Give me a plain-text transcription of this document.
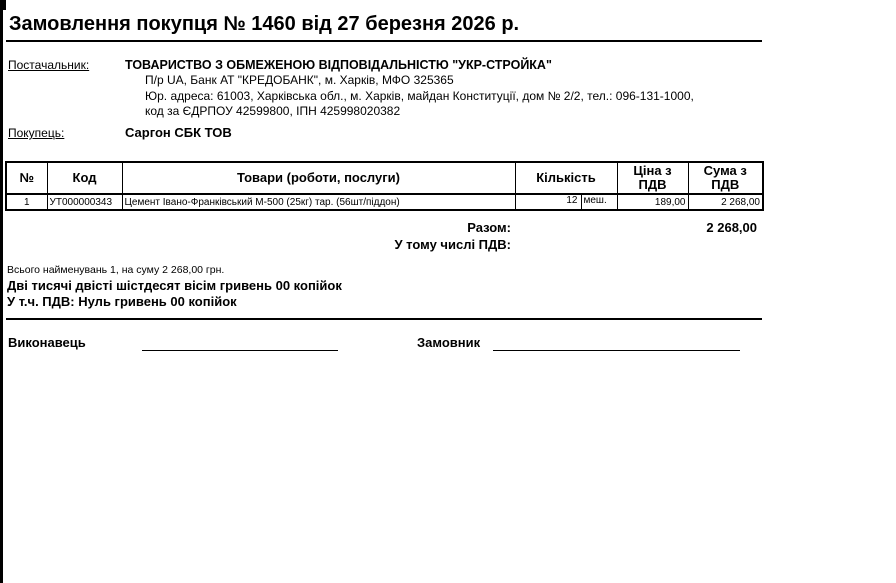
Замовлення покупця № 1460 від 27 березня 2026 р.
Постачальник:	ТОВАРИСТВО З ОБМЕЖЕНОЮ ВІДПОВІДАЛЬНІСТЮ "УКР-СТРОЙКА"
П/р UA, Банк АТ "КРЕДОБАНК", м. Харків, МФО 325365
Юр. адреса: 61003, Харківська обл., м. Харків, майдан Конституції, дом № 2/2, тел.: 096-131-1000,
код за ЄДРПОУ 42599800, ІПН 425998020382
Покупець:	Саргон СБК ТОВ
№	Код	Товари (роботи, послуги)	Кількість	Ціна з ПДВ	Сума з ПДВ
1	УТ000000343	Цемент Івано-Франківський М-500 (25кг) тар. (56шт/піддон)	12 меш.	189,00	2 268,00
Разом:	2 268,00
У тому числі ПДВ:
Всього найменувань 1, на суму 2 268,00 грн.
Дві тисячі двісті шістдесят вісім гривень 00 копійок
У т.ч. ПДВ: Нуль гривень 00 копійок
Виконавець	Замовник
